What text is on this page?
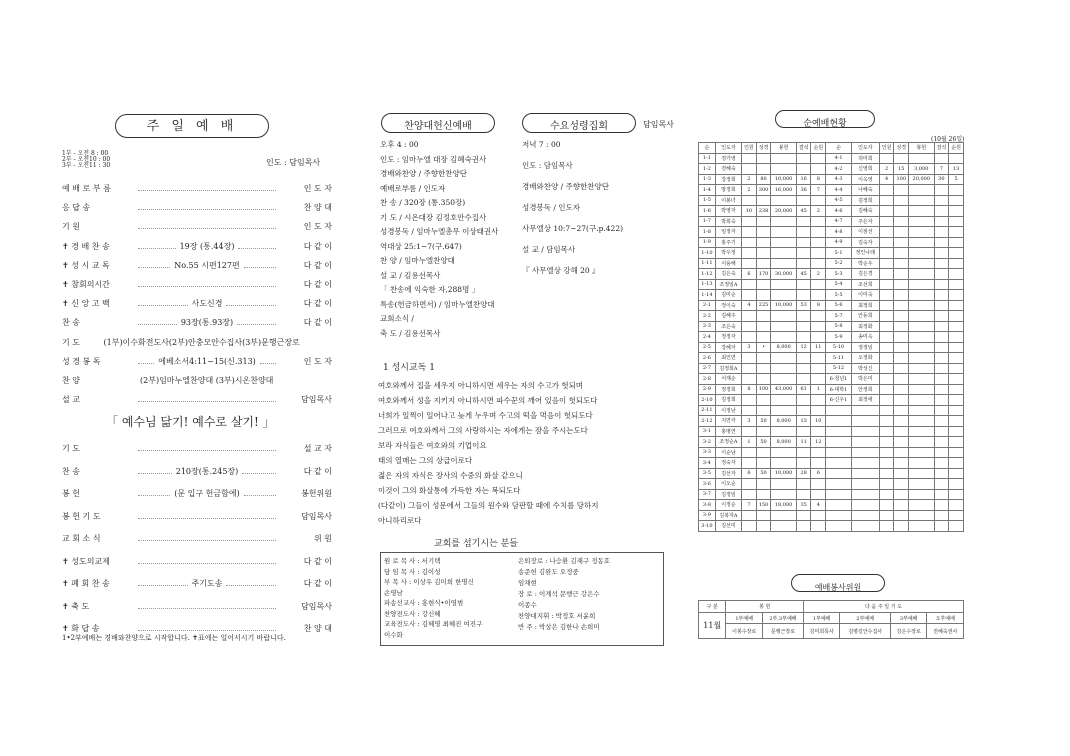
주 일 예 배
1부 - 오전 8 : 00
2부 - 오전10 : 00
3부 - 오전11 : 30	인도 : 담임목사
예 배 로 부 름	인 도 자
응 답 송	찬 양 대
기 원	인 도 자
✝ 경 배 찬 송	19장 (통.44장)	다 같 이
✝ 성 시 교 독	No.55 시편127편	다 같 이
✝ 참회의시간	다 같 이
✝ 신 앙 고 백	사도신경	다 같 이
찬 송	93장(통.93장)	다 같 이
기 도	(1부)이수화전도사(2부)안충모안수집사(3부)문행근장로
성 경 봉 독	에베소서4:11~15(신.313)	인 도 자
찬 양	(2부)임마누엘찬양대 (3부)시온찬양대
설 교	담임목사
「 예수님 닮기! 예수로 살기! 」
기 도	설 교 자
찬 송	210장(통.245장)	다 같 이
봉 헌	(문 입구 헌금함에)	봉헌위원
봉 헌 기 도	담임목사
교 회 소 식	위 원
✝ 성도의교제	다 같 이
✝ 폐 회 찬 송	주기도송	다 같 이
✝ 축 도	담임목사
✝ 화 답 송	찬 양 대
1•2부예배는 경배와찬양으로 시작합니다. ✝표에는 일어서시기 바랍니다.
찬양대헌신예배
오후 4 : 00
인도 : 임마누엘 대장 김혜숙권사
경배와찬양 / 주향한찬양단
예배로부름 / 인도자
찬 송 / 320장 (통.350장)
기 도 / 시온대장 김정호안수집사
성경봉독 / 임마누엘총무 이상태권사
역대상 25:1~7(구.647)
찬 양 / 임마누엘찬양대
설 교 / 김용선목사
「 찬송에 익숙한 자,288명 」
특송(헌금하면서) / 임마누엘찬양대
교회소식 /
축 도 / 김용선목사
1 성시교독 1
여호와께서 집을 세우지 아니하시면 세우는 자의 수고가 헛되며
여호와께서 성을 지키지 아니하시면 파수꾼의 깨어 있음이 헛되도다
너희가 일찍이 일어나고 늦게 누우며 수고의 떡을 먹음이 헛되도다
그러므로 여호와께서 그의 사랑하시는 자에게는 잠을 주시는도다
보라 자식들은 여호와의 기업이요
태의 열매는 그의 상급이로다
젊은 자의 자식은 장사의 수중의 화살 같으니
이것이 그의 화살통에 가득한 자는 복되도다
(다같이) 그들이 성문에서 그들의 원수와 담판할 때에 수치를 당하지
아니하리로다
교회를 섬기시는 분들
원 로 목 사 : 서기택
담 임 목 사 : 김이성
부 목 사 : 이상우 김미희 한명신
손영남
파송선교사 : 홍현식•이영범
찬양전도사 : 강신혜
교육전도사 : 김혜영 최혜진 여진구
이수화
은퇴장로 : 나승환 김재구 정동호
송준헌 김완도 오정중
임채현
장 로 : 이계석 문행근 강은수
이종수
찬양대지휘 : 박정호 서윤희
반 주 : 박상은 김한나 손희미
수요성령집회	담임목사
저녁 7 : 00
인도 : 담임목사
경배와찬양 / 주향한찬양단
성경봉독 / 인도자
사무엘상 10:7~27(구.p.422)
설 교 / 담임목사
『 사무엘상 강해 20 』
순예배현황
(10월 26일)
순	인도자	인원	성경	봉헌	결석	순원	순	인도자	인원	성경	봉헌	결석	순원
1-1	정가영						4-1	허미희					
1-2	전혜숙						4-2	신영희	2	15	3,000	7	13
1-3	강정희	2	80	10,000	16	8	4-3	이옥영	4	100	20,000	30	5
1-4	방정희	2	300	16,000	36	7	4-4	나혜숙					
1-5	이봉녀						4-5	김정희					
1-6	박영자	10	238	20,000	45	2	4-6	김혜숙					
1-7	박희숙						4-7	주은자					
1-8	임정자						4-8	이점선					
1-9	홍주기						4-9	김숙자					
1-10	박우정						5-1	정인나래					
1-11	서용해						5-2	박순우					
1-12	김은숙	6	170	30,000	45	2	5-3	김은경					
1-13	조정임A						5-4	조선희					
1-14	김미순						5-5	이미숙					
2-1	정이숙	4	225	10,000	53	8	5-6	최정희					
2-2	김혜주						5-7	안동희					
2-3	조은숙						5-8	최정화					
2-4	정정자						5-9	송미옥					
2-5	강혜자	3	•	8,000	12	11	5-10	정정임					
2-6	최인연						5-11	오정화					
2-7	김정희A						5-12	박성신					
2-8	서재순						6-청년1	박은미					
2-9	정정희	8	100	43,000	61	1	6-대학1	안정희					
2-10	김정희						6-신우1	최정애					
2-11	이정남												
2-12	지연자	3	50	8,000	13	10							
3-1	홍명연												
3-2	조정순A	1	50	8,000	11	12							
3-3	이순남												
3-4	정숙자												
3-5	김선자	6	50	10,000	28	6							
3-6	이오순												
3-7	김정임												
3-8	이정순	7	150	18,000	35	4							
3-9	김복자A												
3-10	김선미												
예배봉사위원
구 분	봉 헌		다 음 주 일 기 도			
11월	1부예배	2부,3부예배	1부예배	2부예배	3부예배	오후예배
	이봉수장로	문행근장로	김미희목사	김병길안수집사	강은수장로	전혜숙권사
